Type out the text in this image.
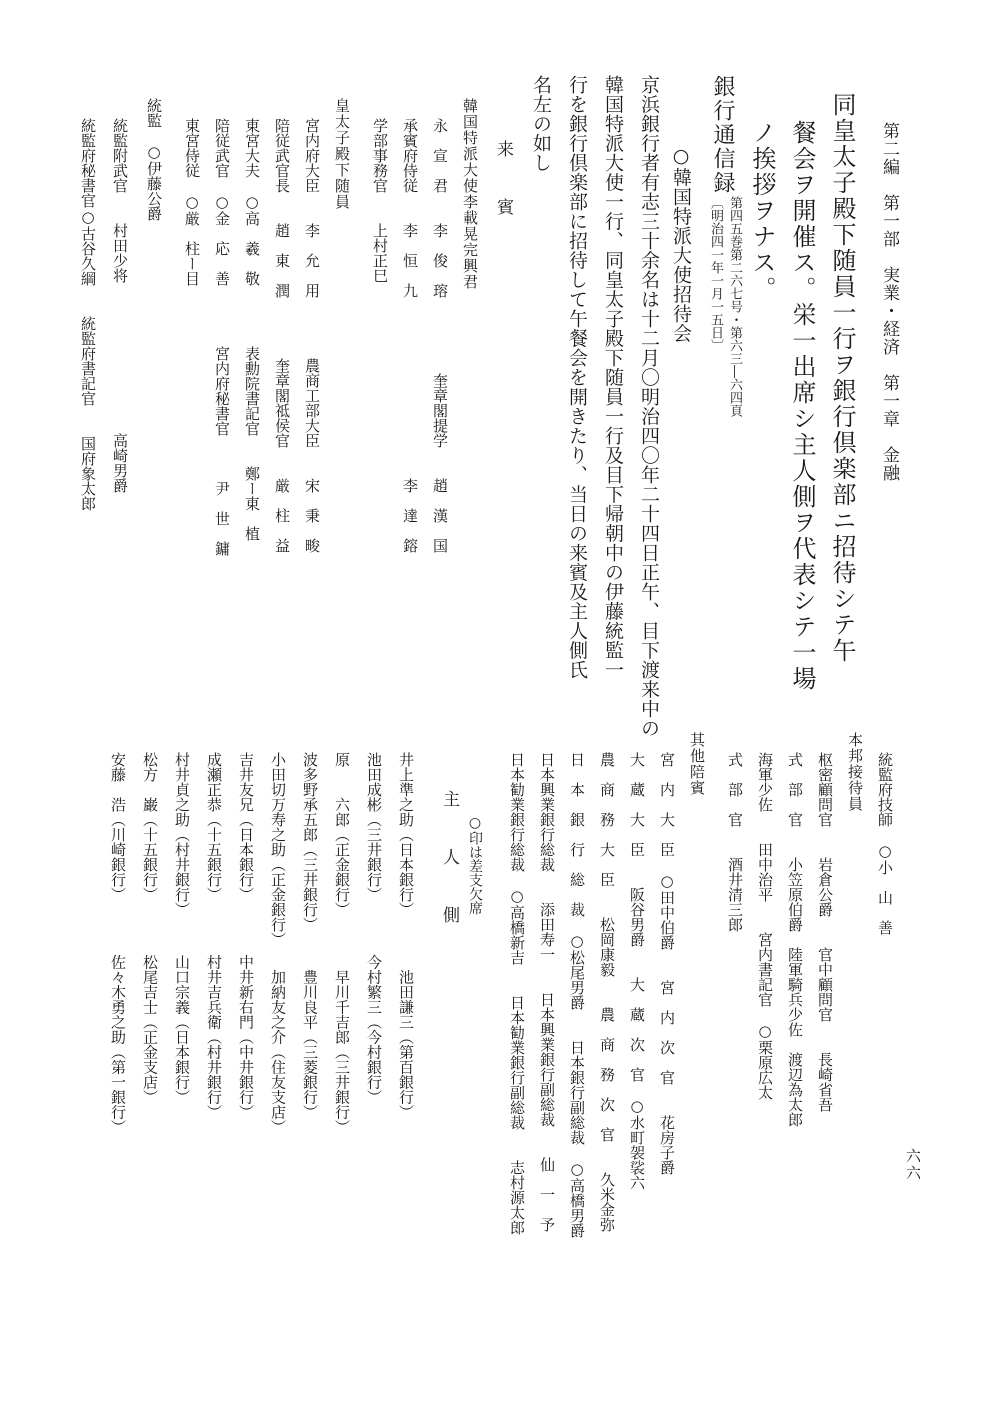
六六
第二編　第一部　実業・経済　第一章　金融
同皇太子殿下随員一行ヲ銀行倶楽部ニ招待シテ午
餐会ヲ開催ス。栄一出席シ主人側ヲ代表シテ一場
ノ挨拶ヲナス。
銀行通信録
第四五巻第二六七号・第六三―六四頁
〔明治四一年一月一五日〕
○韓国特派大使招待会
京浜銀行者有志三十余名は十二月〇明治四〇年二十四日正午、目下渡来中の
韓国特派大使一行、同皇太子殿下随員一行及目下帰朝中の伊藤統監一
行を銀行倶楽部に招待して午餐会を開きたり、当日の来賓及主人側氏
名左の如し
来　賓
韓国特派大使李載晃完興君
永　宣　君　　李　俊　瑢　　　　　奎章閣提学　　趙　漢　国
承賓府侍従　　李　恒　九　　　　　　　　　　　　李　達　鎔
学部事務官　　上村正巳
皇太子殿下随員
宮内府大臣　　李　允　用　　　　農商工部大臣　　宋　秉　畯
陪従武官長　　趙　東　潤　　　　奎章閣祗侯官　　厳　柱　益
東宮大夫　○高　羲　敬　　　　表勳院書記官　　鄭ー東　植
陪従武官　○金　応　善　　　　宮内府秘書官　　　尹　世　鏞
東宮侍従　○厳　柱ー目
統監　○伊藤公爵
統監附武官　　村田少将　　　　　　　　　　高崎男爵
統監府秘書官○古谷久綱　　統監府書記官　　国府象太郎
統監府技師　○小　山　善
本邦接待員
枢密顧問官　　岩倉公爵　　官中顧問官　　長崎省吾
式　部　官　　小笠原伯爵　陸軍騎兵少佐　渡辺為太郎
海軍少佐　　田中治平　　宮内書記官　○栗原広太
式　部　官　　酒井清三郎
其他陪賓
宮　内　大　臣　○田中伯爵　　宮　内　次　官　　花房子爵
大　蔵　大　臣　　阪谷男爵　　大　蔵　次　官　○水町袈裟六
農　商　務　大　臣　　松岡康毅　　農　商　務　次　官　　久米金弥
日　本　銀　行　総　裁　○松尾男爵　　日本銀行副総裁　○高橋男爵
日本興業銀行総裁　　添田寿一　　日本興業銀行副総裁　　仙　一　予
日本勧業銀行総裁　○高橋新吉　　日本勧業銀行副総裁　　志村源太郎
○印は差支欠席
主　人　側
井上準之助（日本銀行）　　　　池田謙三（第百銀行）
池田成彬（三井銀行）　　　　今村繁三（今村銀行）
原　　六郎（正金銀行）　　　　早川千吉郎（三井銀行）
波多野承五郎（三井銀行）　　　豊川良平（三菱銀行）
小田切万寿之助（正金銀行）　　加納友之介（住友支店）
吉井友兄（日本銀行）　　　　中井新右門（中井銀行）
成瀬正恭（十五銀行）　　　　村井吉兵衛（村井銀行）
村井貞之助（村井銀行）　　　山口宗義（日本銀行）
松方　巌（十五銀行）　　　　松尾吉士（正金支店）
安藤　浩（川崎銀行）　　　　佐々木勇之助（第一銀行）
